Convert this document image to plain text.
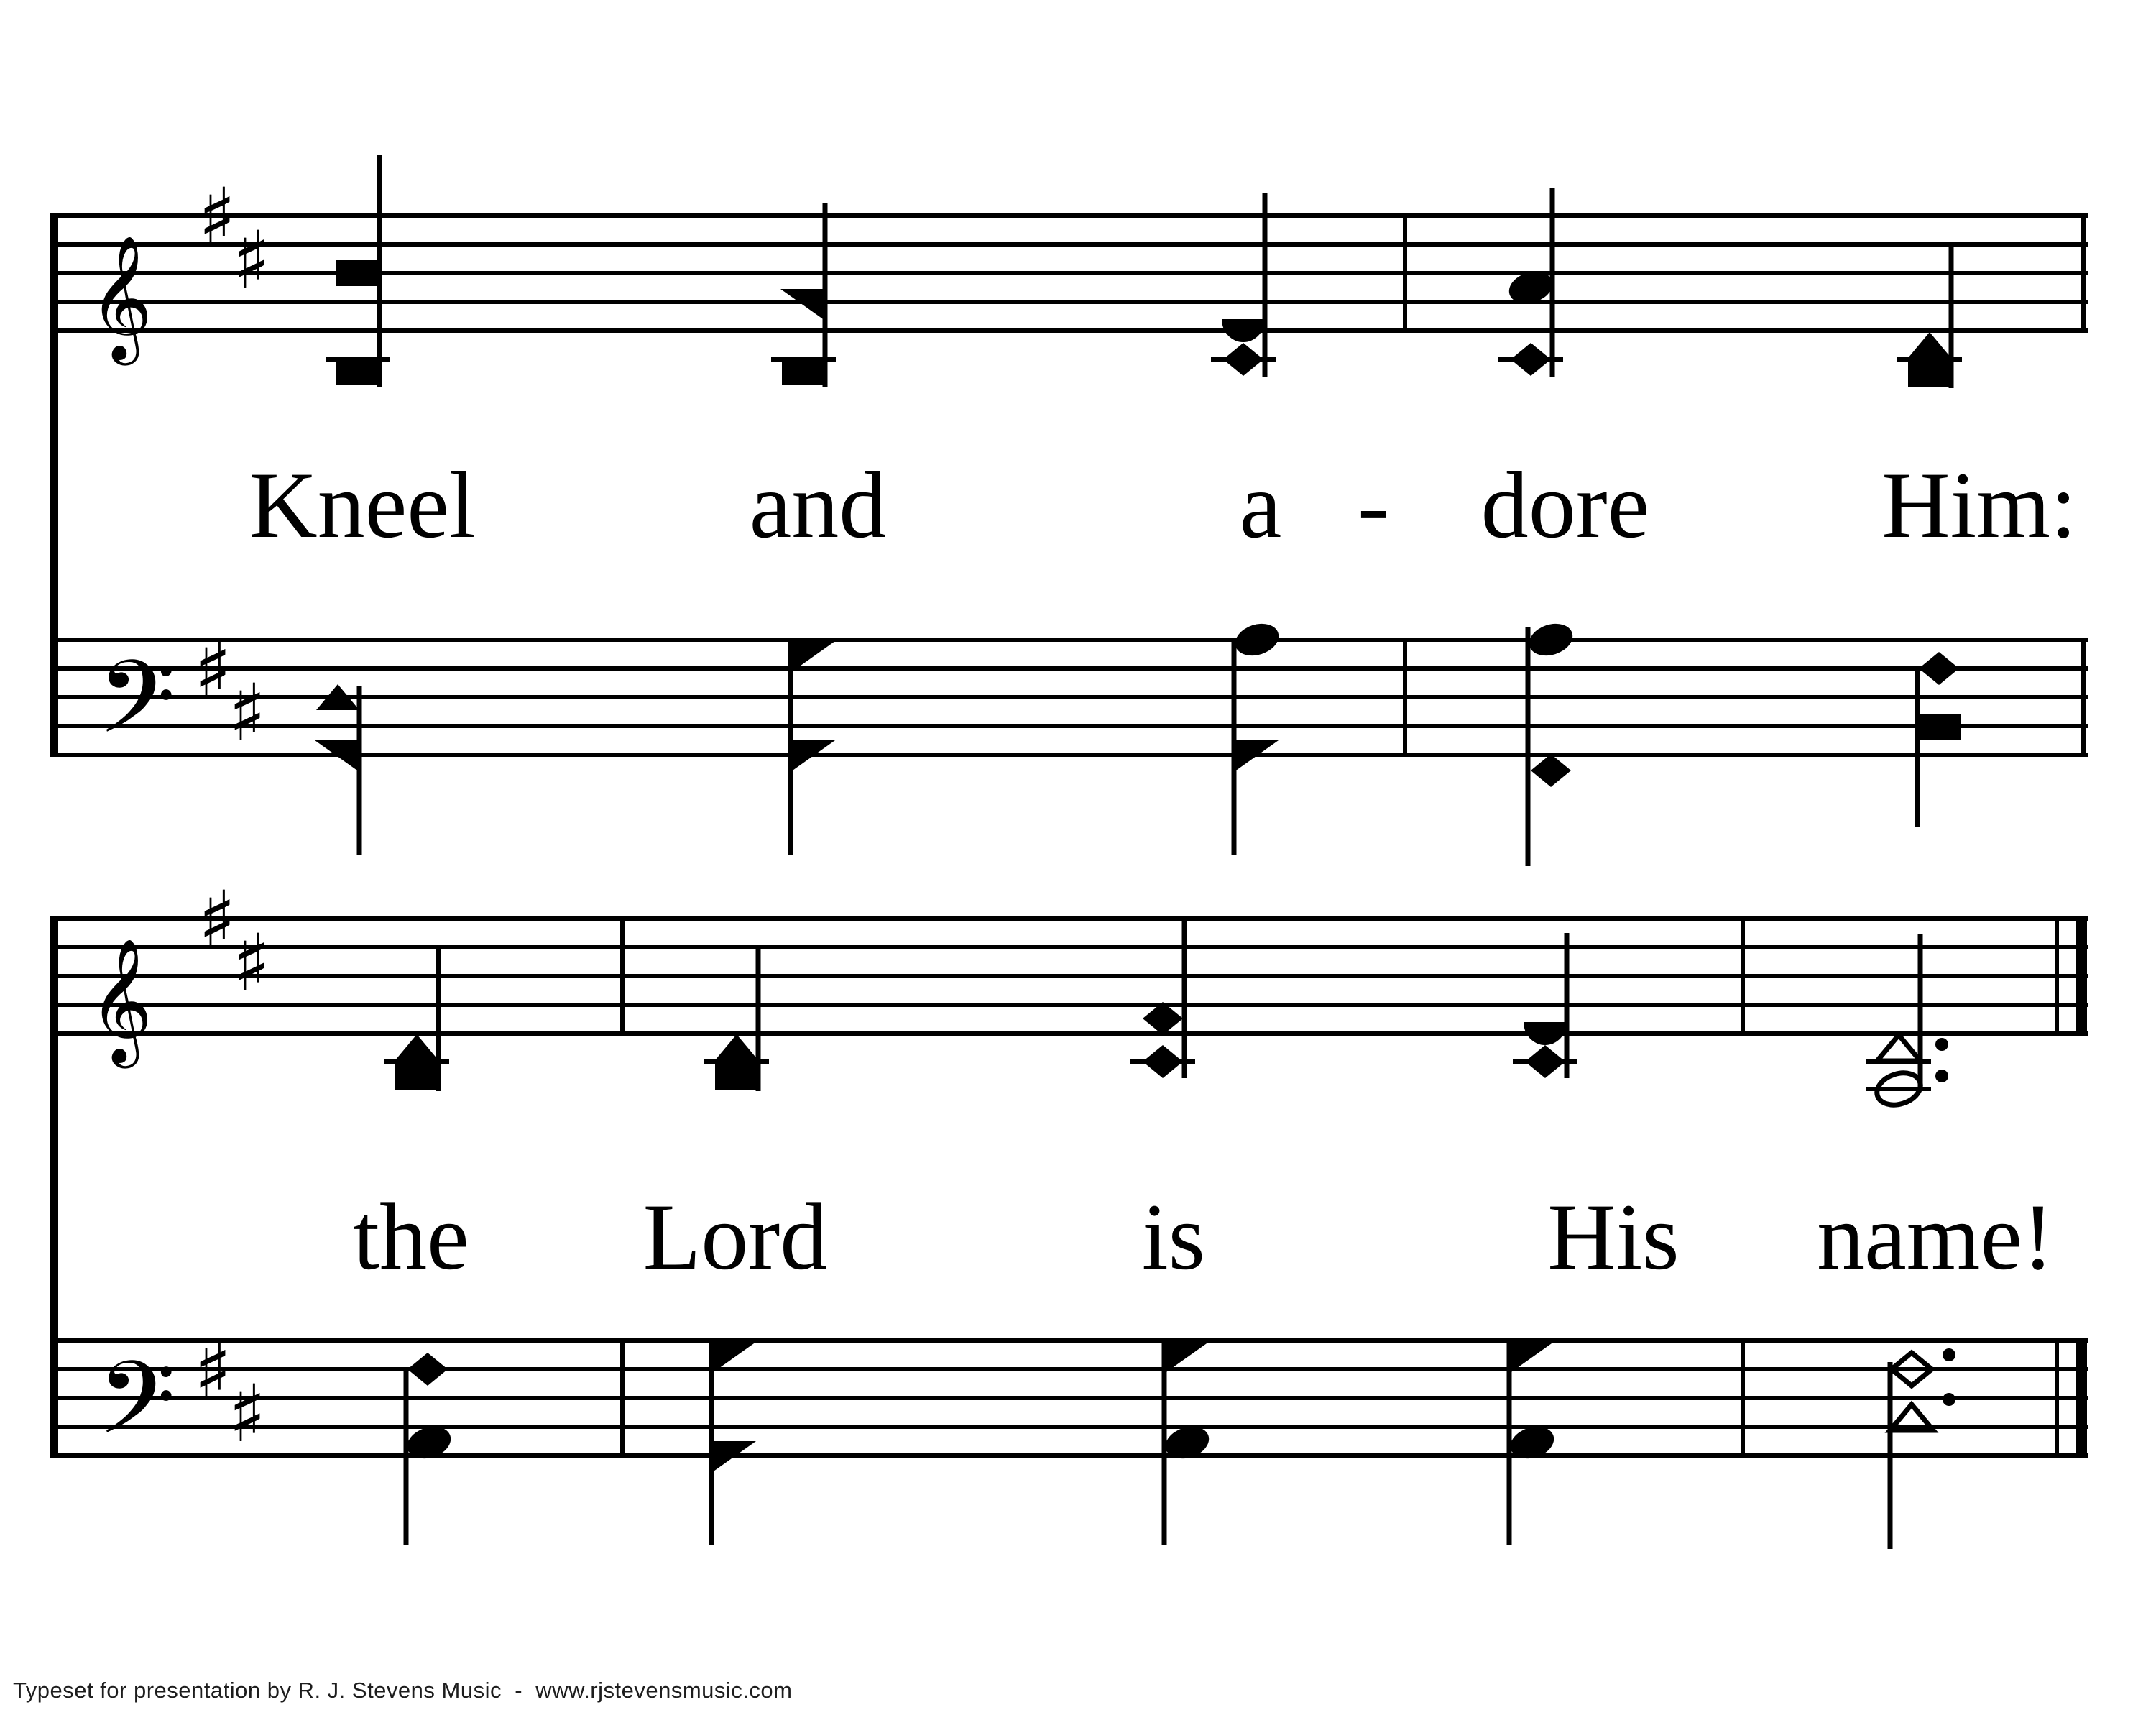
𝄞
𝄢
𝄞
𝄢
♯
♯
♯
♯
♯
♯
♯
♯
Kneel	and	a - dore Him:
the Lord	is	His name!
Typeset for presentation by R. J. Stevens Music  -  www.rjstevensmusic.com
